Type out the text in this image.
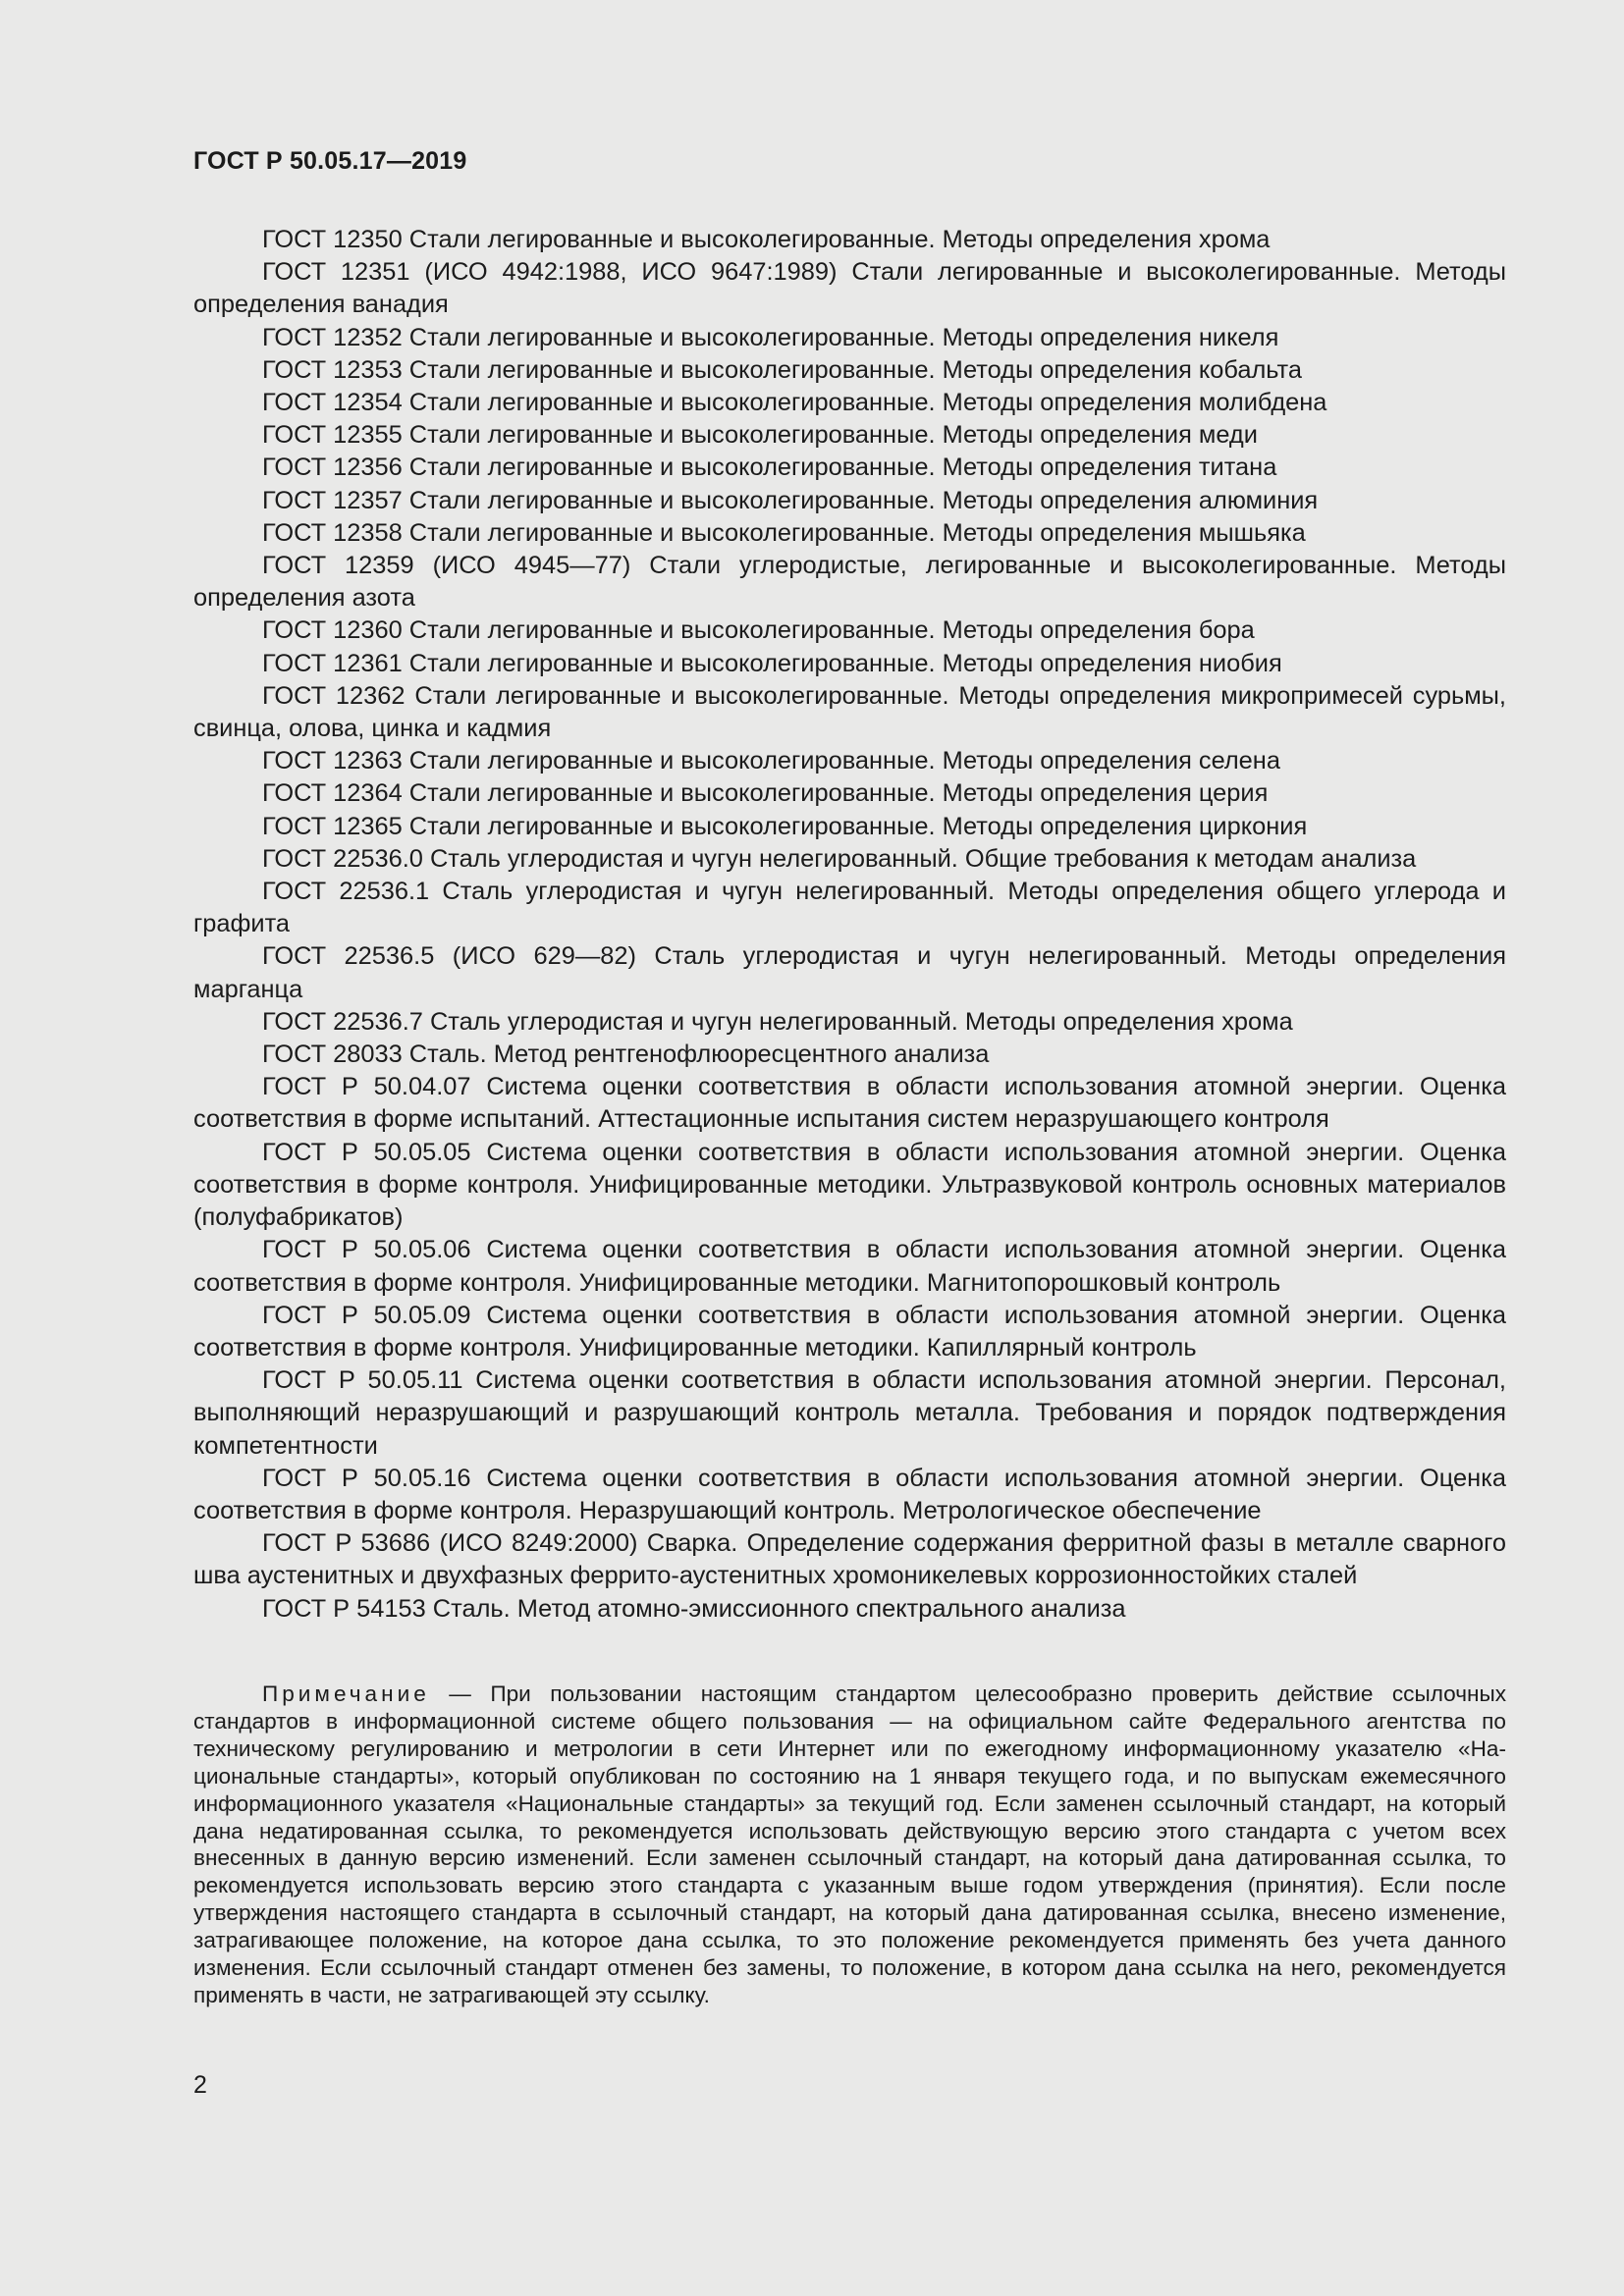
ГОСТ Р 50.05.17—2019

ГОСТ 12350 Стали легированные и высоколегированные. Методы определения хрома

ГОСТ 12351 (ИСО 4942:1988, ИСО 9647:1989) Стали легированные и высоколегированные. Методы определения ванадия

ГОСТ 12352 Стали легированные и высоколегированные. Методы определения никеля

ГОСТ 12353 Стали легированные и высоколегированные. Методы определения кобальта

ГОСТ 12354 Стали легированные и высоколегированные. Методы определения молибдена

ГОСТ 12355 Стали легированные и высоколегированные. Методы определения меди

ГОСТ 12356 Стали легированные и высоколегированные. Методы определения титана

ГОСТ 12357 Стали легированные и высоколегированные. Методы определения алюминия

ГОСТ 12358 Стали легированные и высоколегированные. Методы определения мышьяка

ГОСТ 12359 (ИСО 4945—77) Стали углеродистые, легированные и высоколегированные. Методы определения азота

ГОСТ 12360 Стали легированные и высоколегированные. Методы определения бора

ГОСТ 12361 Стали легированные и высоколегированные. Методы определения ниобия

ГОСТ 12362 Стали легированные и высоколегированные. Методы определения микропримесей сурьмы, свинца, олова, цинка и кадмия

ГОСТ 12363 Стали легированные и высоколегированные. Методы определения селена

ГОСТ 12364 Стали легированные и высоколегированные. Методы определения церия

ГОСТ 12365 Стали легированные и высоколегированные. Методы определения циркония

ГОСТ 22536.0 Сталь углеродистая и чугун нелегированный. Общие требования к методам анализа

ГОСТ 22536.1 Сталь углеродистая и чугун нелегированный. Методы определения общего углерода и графита

ГОСТ 22536.5 (ИСО 629—82) Сталь углеродистая и чугун нелегированный. Методы определения марганца

ГОСТ 22536.7 Сталь углеродистая и чугун нелегированный. Методы определения хрома

ГОСТ 28033 Сталь. Метод рентгенофлюоресцентного анализа

ГОСТ Р 50.04.07 Система оценки соответствия в области использования атомной энергии. Оценка соответствия в форме испытаний. Аттестационные испытания систем неразрушающего контроля

ГОСТ Р 50.05.05 Система оценки соответствия в области использования атомной энергии. Оценка соответствия в форме контроля. Унифицированные методики. Ультразвуковой контроль основных материалов (полуфабрикатов)

ГОСТ Р 50.05.06 Система оценки соответствия в области использования атомной энергии. Оценка соответствия в форме контроля. Унифицированные методики. Магнитопорошковый контроль

ГОСТ Р 50.05.09 Система оценки соответствия в области использования атомной энергии. Оценка соответствия в форме контроля. Унифицированные методики. Капиллярный контроль

ГОСТ Р 50.05.11 Система оценки соответствия в области использования атомной энергии. Персонал, выполняющий неразрушающий и разрушающий контроль металла. Требования и порядок подтверждения компетентности

ГОСТ Р 50.05.16 Система оценки соответствия в области использования атомной энергии. Оценка соответствия в форме контроля. Неразрушающий контроль. Метрологическое обеспечение

ГОСТ Р 53686 (ИСО 8249:2000) Сварка. Определение содержания ферритной фазы в металле сварного шва аустенитных и двухфазных феррито-аустенитных хромоникелевых коррозионностойких сталей

ГОСТ Р 54153 Сталь. Метод атомно-эмиссионного спектрального анализа

Примечание — При пользовании настоящим стандартом целесообразно проверить действие ссылочных стандартов в информационной системе общего пользования — на официальном сайте Федерального агентства по техническому регулированию и метрологии в сети Интернет или по ежегодному информационному указателю «Национальные стандарты», который опубликован по состоянию на 1 января текущего года, и по выпускам ежемесячного информационного указателя «Национальные стандарты» за текущий год. Если заменен ссылочный стандарт, на который дана недатированная ссылка, то рекомендуется использовать действующую версию этого стандарта с учетом всех внесенных в данную версию изменений. Если заменен ссылочный стандарт, на который дана датированная ссылка, то рекомендуется использовать версию этого стандарта с указанным выше годом утверждения (принятия). Если после утверждения настоящего стандарта в ссылочный стандарт, на который дана датированная ссылка, внесено изменение, затрагивающее положение, на которое дана ссылка, то это положение рекомендуется применять без учета данного изменения. Если ссылочный стандарт отменен без замены, то положение, в котором дана ссылка на него, рекомендуется применять в части, не затрагивающей эту ссылку.

2
